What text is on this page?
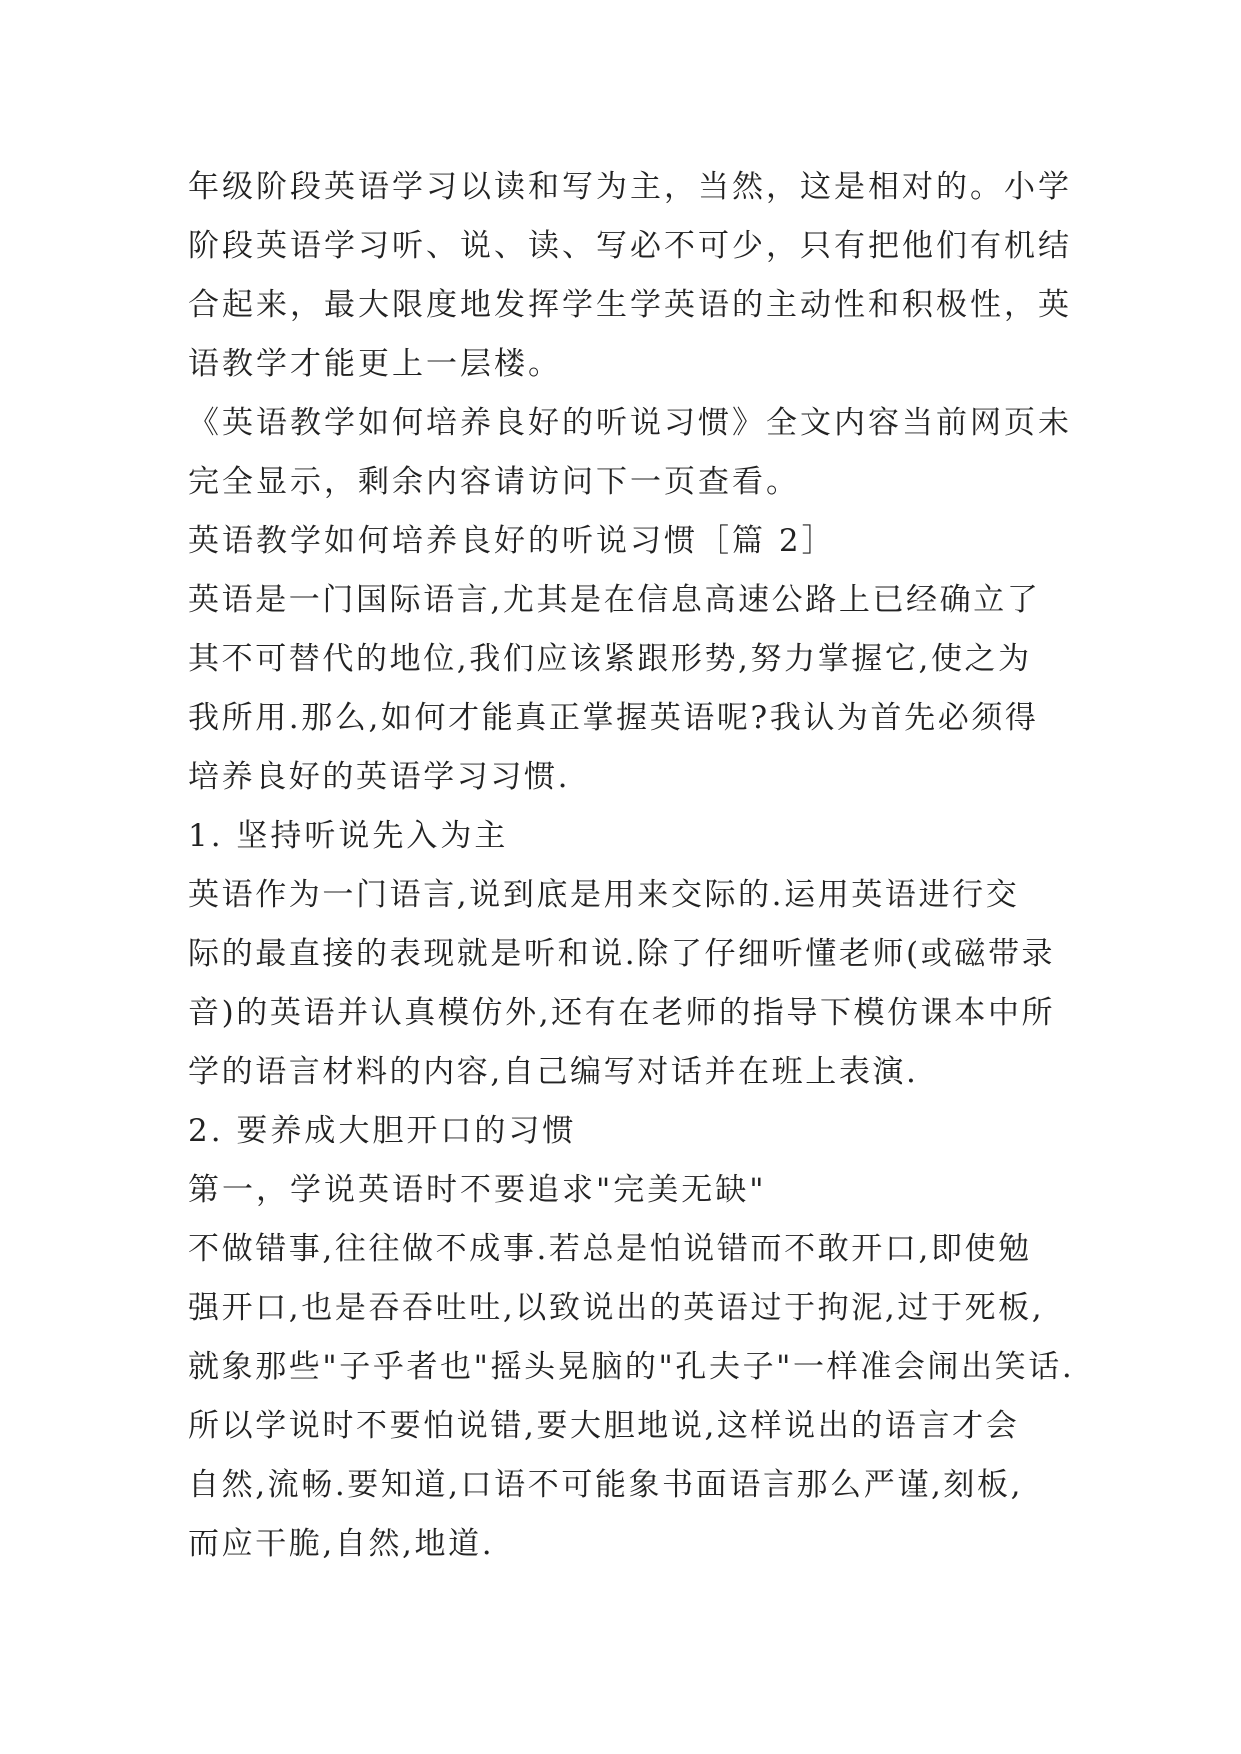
年级阶段英语学习以读和写为主，当然，这是相对的。小学
阶段英语学习听、说、读、写必不可少，只有把他们有机结
合起来，最大限度地发挥学生学英语的主动性和积极性，英
语教学才能更上一层楼。
《英语教学如何培养良好的听说习惯》全文内容当前网页未
完全显示，剩余内容请访问下一页查看。
英语教学如何培养良好的听说习惯［篇 2］
英语是一门国际语言,尤其是在信息高速公路上已经确立了
其不可替代的地位,我们应该紧跟形势,努力掌握它,使之为
我所用.那么,如何才能真正掌握英语呢?我认为首先必须得
培养良好的英语学习习惯.
1. 坚持听说先入为主
英语作为一门语言,说到底是用来交际的.运用英语进行交
际的最直接的表现就是听和说.除了仔细听懂老师(或磁带录
音)的英语并认真模仿外,还有在老师的指导下模仿课本中所
学的语言材料的内容,自己编写对话并在班上表演.
2. 要养成大胆开口的习惯
第一，学说英语时不要追求"完美无缺"
不做错事,往往做不成事.若总是怕说错而不敢开口,即使勉
强开口,也是吞吞吐吐,以致说出的英语过于拘泥,过于死板,
就象那些"子乎者也"摇头晃脑的"孔夫子"一样准会闹出笑话.
所以学说时不要怕说错,要大胆地说,这样说出的语言才会
自然,流畅.要知道,口语不可能象书面语言那么严谨,刻板,
而应干脆,自然,地道.
